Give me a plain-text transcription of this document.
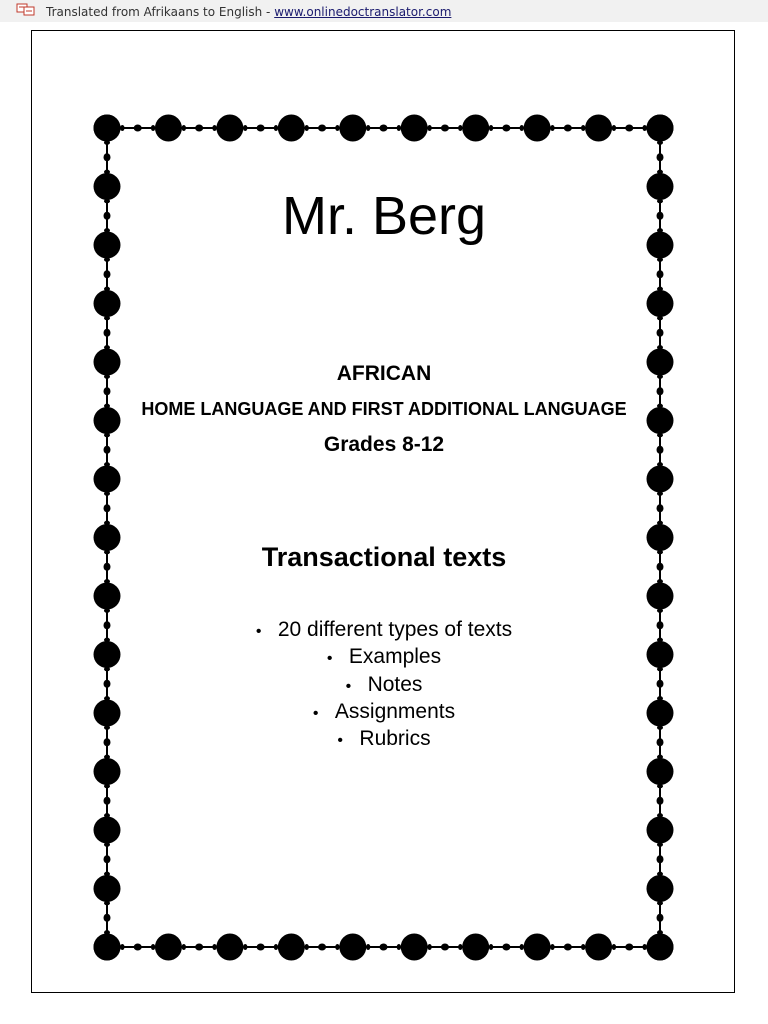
Translated from Afrikaans to English - www.onlinedoctranslator.com
Mr. Berg
AFRICAN
HOME LANGUAGE AND FIRST ADDITIONAL LANGUAGE
Grades 8-12
Transactional texts
• 20 different types of texts
• Examples
• Notes
• Assignments
• Rubrics
